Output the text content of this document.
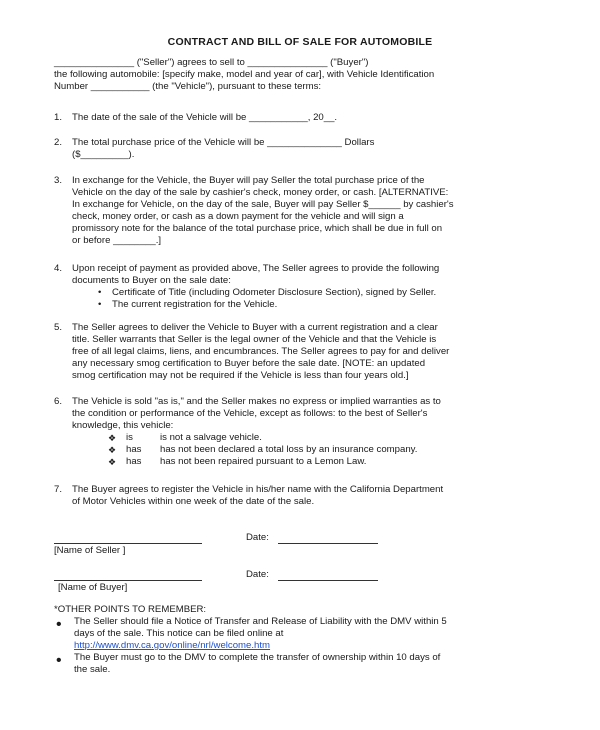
CONTRACT AND BILL OF SALE FOR AUTOMOBILE
_______________ ("Seller") agrees to sell to _______________ ("Buyer")
the following automobile: [specify make, model and year of car], with Vehicle Identification
Number ___________ (the "Vehicle"), pursuant to these terms:
1. The date of the sale of the Vehicle will be ___________, 20__.
2. The total purchase price of the Vehicle will be ______________ Dollars
($_________).
3. In exchange for the Vehicle, the Buyer will pay Seller the total purchase price of the
Vehicle on the day of the sale by cashier's check, money order, or cash. [ALTERNATIVE:
In exchange for Vehicle, on the day of the sale, Buyer will pay Seller $______ by cashier's
check, money order, or cash as a down payment for the vehicle and will sign a
promissory note for the balance of the total purchase price, which shall be due in full on
or before ________.]
4. Upon receipt of payment as provided above, The Seller agrees to provide the following
documents to Buyer on the sale date:
• Certificate of Title (including Odometer Disclosure Section), signed by Seller.
• The current registration for the Vehicle.
5. The Seller agrees to deliver the Vehicle to Buyer with a current registration and a clear
title. Seller warrants that Seller is the legal owner of the Vehicle and that the Vehicle is
free of all legal claims, liens, and encumbrances. The Seller agrees to pay for and deliver
any necessary smog certification to Buyer before the sale date. [NOTE: an updated
smog certification may not be required if the Vehicle is less than four years old.]
6. The Vehicle is sold "as is," and the Seller makes no express or implied warranties as to
the condition or performance of the Vehicle, except as follows: to the best of Seller's
knowledge, this vehicle:
❖ is	is not a salvage vehicle.
❖ has has not been declared a total loss by an insurance company.
❖ has has not been repaired pursuant to a Lemon Law.
7. The Buyer agrees to register the Vehicle in his/her name with the California Department
of Motor Vehicles within one week of the date of the sale.
[Name of Seller ]
Date:
[Name of Buyer]
Date:
*OTHER POINTS TO REMEMBER:
• The Seller should file a Notice of Transfer and Release of Liability with the DMV within 5
days of the sale. This notice can be filed online at
http://www.dmv.ca.gov/online/nrl/welcome.htm
• The Buyer must go to the DMV to complete the transfer of ownership within 10 days of
the sale.
